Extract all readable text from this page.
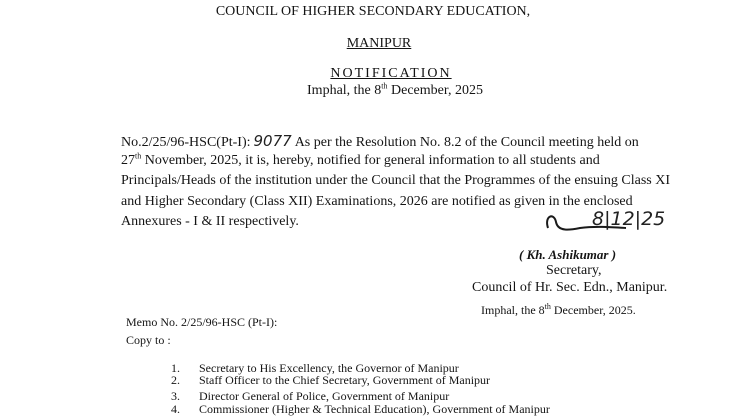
COUNCIL OF HIGHER SECONDARY EDUCATION,
MANIPUR
NOTIFICATION
Imphal, the 8th December, 2025
No.2/25/96-HSC(Pt-I): 9077 As per the Resolution No. 8.2 of the Council meeting held on
27th November, 2025, it is, hereby, notified for general information to all students and
Principals/Heads of the institution under the Council that the Programmes of the ensuing Class XI
and Higher Secondary (Class XII) Examinations, 2026 are notified as given in the enclosed
Annexures - I & II respectively.	8|12|25
( Kh. Ashikumar )
Secretary,
Council of Hr. Sec. Edn., Manipur.
Imphal, the 8th December, 2025.
Memo No. 2/25/96-HSC (Pt-I):
Copy to :
1. Secretary to His Excellency, the Governor of Manipur
2. Staff Officer to the Chief Secretary, Government of Manipur
3. Director General of Police, Government of Manipur
4. Commissioner (Higher & Technical Education), Government of Manipur
